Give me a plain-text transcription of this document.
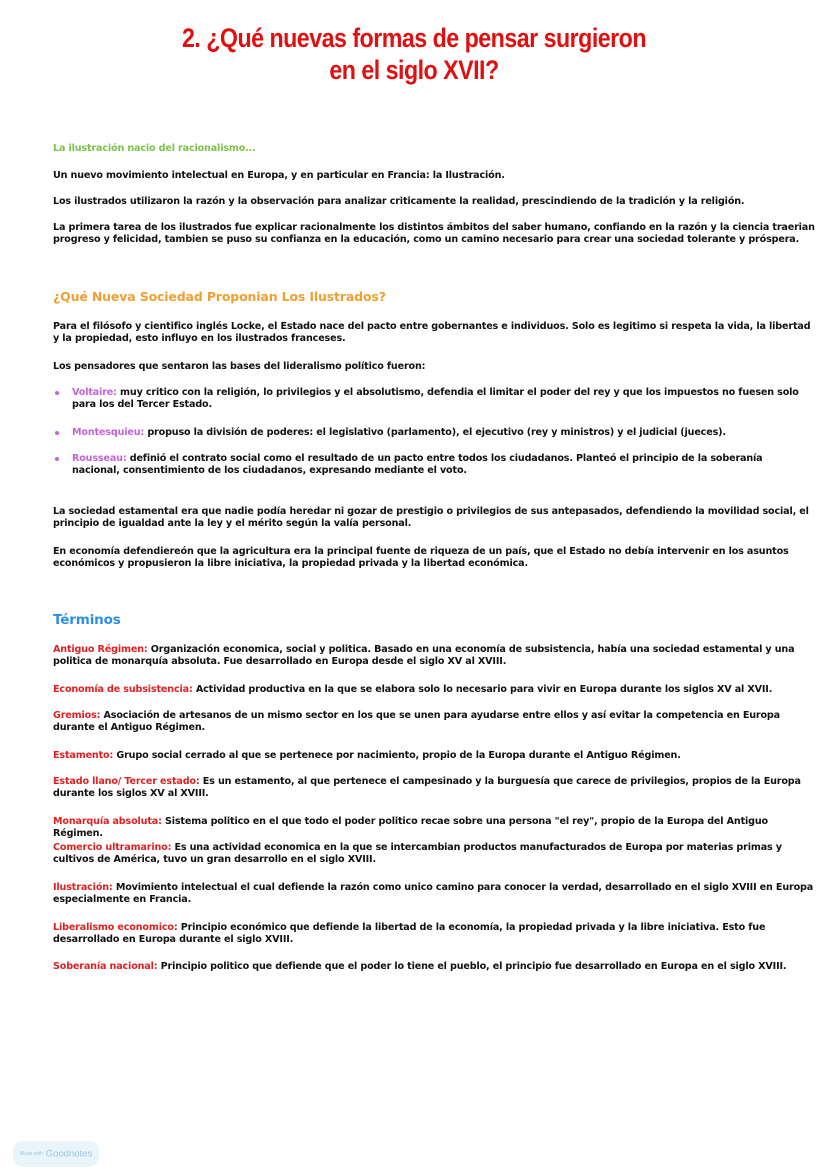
2. ¿Qué nuevas formas de pensar surgieron
en el siglo XVII?
La ilustración nacio del racionalismo...
Un nuevo movimiento intelectual en Europa, y en particular en Francia: la Ilustración.
Los ilustrados utilizaron la razón y la observación para analizar criticamente la realidad, prescindiendo de la tradición y la religión.
La primera tarea de los ilustrados fue explicar racionalmente los distintos ámbitos del saber humano, confiando en la razón y la ciencia traerian progreso y felicidad, tambien se puso su confianza en la educación, como un camino necesario para crear una sociedad tolerante y próspera.
¿Qué Nueva Sociedad Proponian Los Ilustrados?
Para el filósofo y cientifico inglés Locke, el Estado nace del pacto entre gobernantes e individuos. Solo es legitimo si respeta la vida, la libertad y la propiedad, esto influyo en los ilustrados franceses.
Los pensadores que sentaron las bases del lideralismo político fueron:
Voltaire: muy critico con la religión, lo privilegios y el absolutismo, defendia el limitar el poder del rey y que los impuestos no fuesen solo para los del Tercer Estado.
Montesquieu: propuso la división de poderes: el legislativo (parlamento), el ejecutivo (rey y ministros) y el judicial (jueces).
Rousseau: definió el contrato social como el resultado de un pacto entre todos los ciudadanos. Planteó el principio de la soberanía nacional, consentimiento de los ciudadanos, expresando mediante el voto.
La sociedad estamental era que nadie podía heredar ni gozar de prestigio o privilegios de sus antepasados, defendiendo la movilidad social, el principio de igualdad ante la ley y el mérito según la valía personal.
En economía defendiereón que la agricultura era la principal fuente de riqueza de un país, que el Estado no debía intervenir en los asuntos económicos y propusieron la libre iniciativa, la propiedad privada y la libertad económica.
Términos
Antiguo Régimen: Organización economica, social y politica. Basado en una economía de subsistencia, había una sociedad estamental y una politica de monarquía absoluta. Fue desarrollado en Europa desde el siglo XV al XVIII.
Economía de subsistencia: Actividad productiva en la que se elabora solo lo necesario para vivir en Europa durante los siglos XV al XVII.
Gremios: Asociación de artesanos de un mismo sector en los que se unen para ayudarse entre ellos y así evitar la competencia en Europa durante el Antiguo Régimen.
Estamento: Grupo social cerrado al que se pertenece por nacimiento, propio de la Europa durante el Antiguo Régimen.
Estado llano/ Tercer estado: Es un estamento, al que pertenece el campesinado y la burguesía que carece de privilegios, propios de la Europa durante los siglos XV al XVIII.
Monarquía absoluta: Sistema politico en el que todo el poder politico recae sobre una persona "el rey", propio de la Europa del Antiguo Régimen.
Comercio ultramarino: Es una actividad economica en la que se intercambian productos manufacturados de Europa por materias primas y cultivos de América, tuvo un gran desarrollo en el siglo XVIII.
Ilustración: Movimiento intelectual el cual defiende la razón como unico camino para conocer la verdad, desarrollado en el siglo XVIII en Europa especialmente en Francia.
Liberalismo economico: Principio económico que defiende la libertad de la economía, la propiedad privada y la libre iniciativa. Esto fue desarrollado en Europa durante el siglo XVIII.
Soberanía nacional: Principio politico que defiende que el poder lo tiene el pueblo, el principio fue desarrollado en Europa en el siglo XVIII.
Made with Goodnotes
